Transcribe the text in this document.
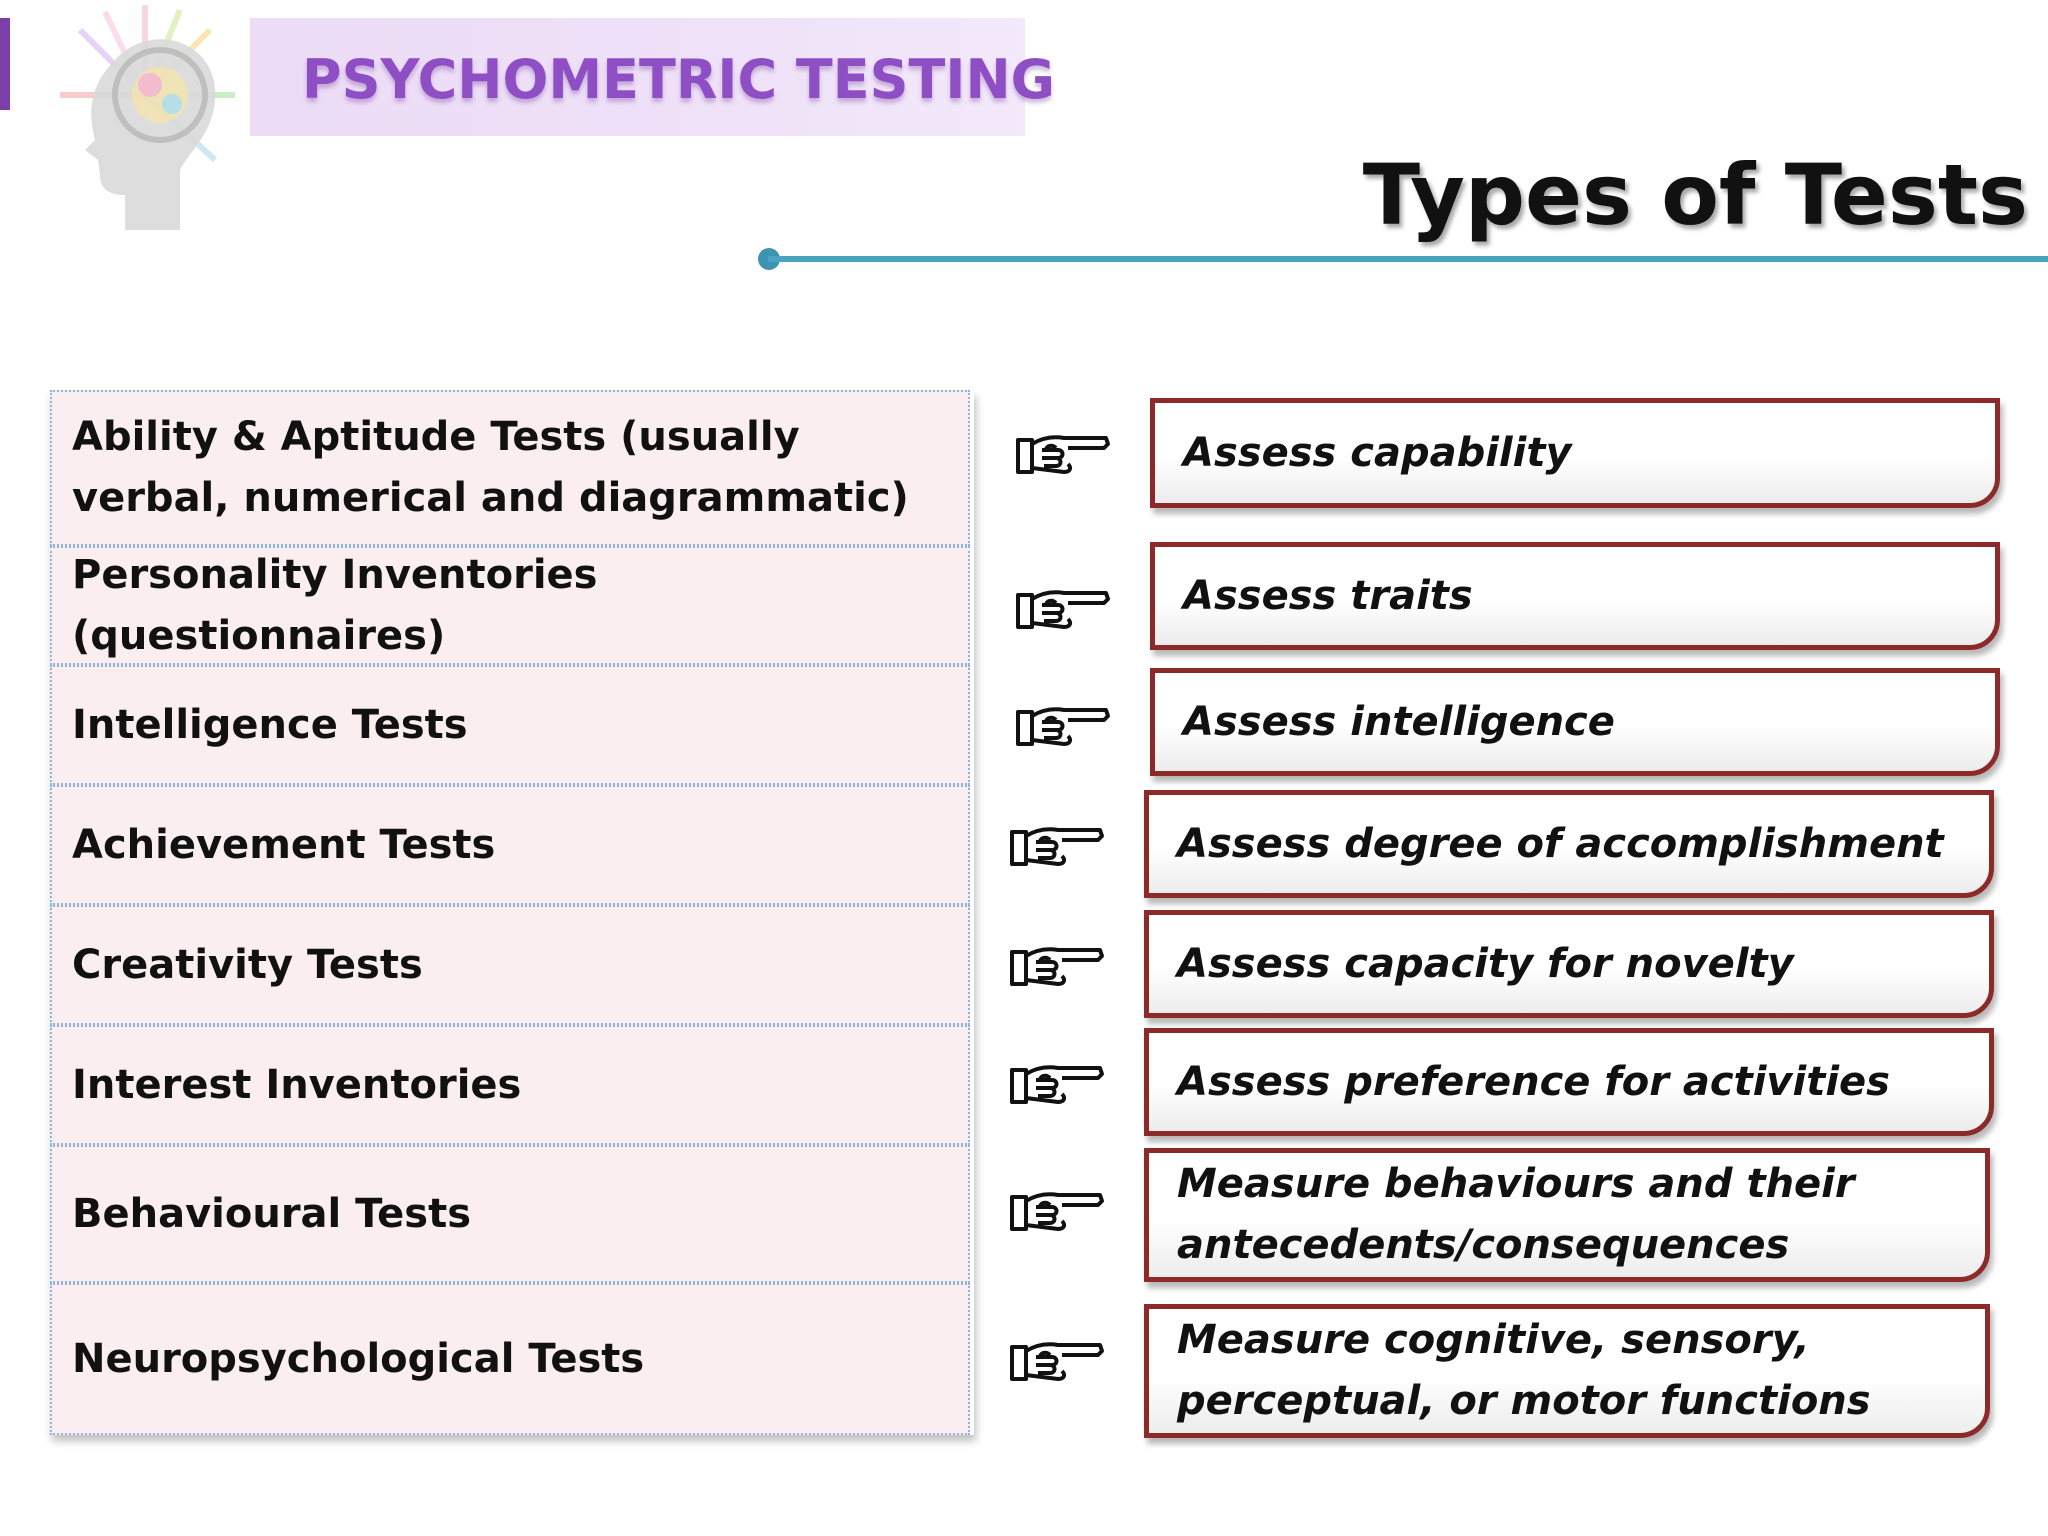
PSYCHOMETRIC TESTING
Types of Tests
Ability & Aptitude Tests (usually verbal, numerical and diagrammatic)
Personality Inventories (questionnaires)
Intelligence Tests
Achievement Tests
Creativity Tests
Interest Inventories
Behavioural Tests
Neuropsychological Tests
Assess capability
Assess traits
Assess intelligence
Assess degree of accomplishment
Assess capacity for novelty
Assess preference for activities
Measure behaviours and their antecedents/consequences
Measure cognitive, sensory, perceptual, or motor functions
